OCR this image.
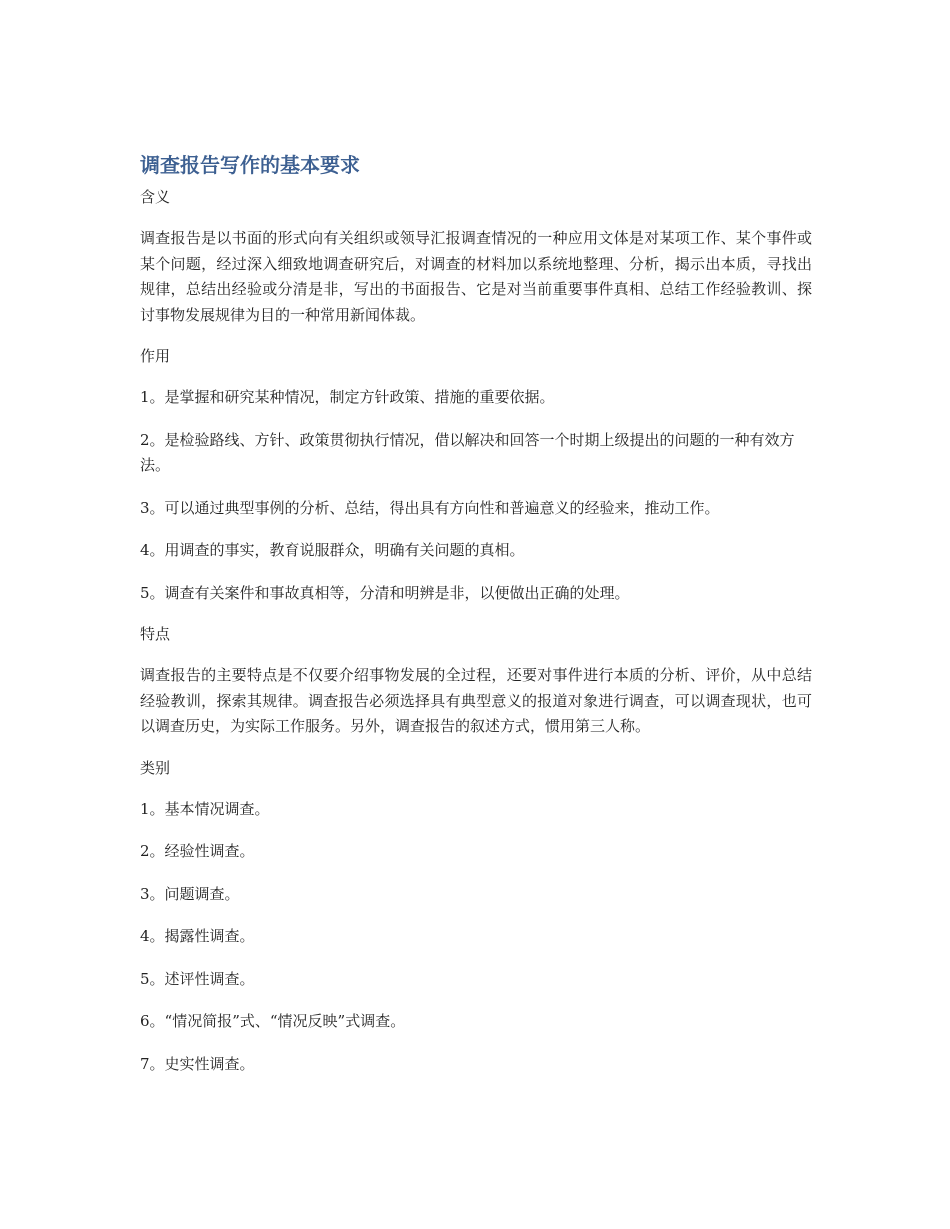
调查报告写作的基本要求

含义

调查报告是以书面的形式向有关组织或领导汇报调查情况的一种应用文体是对某项工作、某个事件或某个问题，经过深入细致地调查研究后，对调查的材料加以系统地整理、分析，揭示出本质，寻找出规律，总结出经验或分清是非，写出的书面报告、它是对当前重要事件真相、总结工作经验教训、探讨事物发展规律为目的一种常用新闻体裁。

作用

1。是掌握和研究某种情况，制定方针政策、措施的重要依据。

2。是检验路线、方针、政策贯彻执行情况，借以解决和回答一个时期上级提出的问题的一种有效方法。

3。可以通过典型事例的分析、总结，得出具有方向性和普遍意义的经验来，推动工作。

4。用调查的事实，教育说服群众，明确有关问题的真相。

5。调查有关案件和事故真相等，分清和明辨是非，以便做出正确的处理。

特点

调查报告的主要特点是不仅要介绍事物发展的全过程，还要对事件进行本质的分析、评价，从中总结经验教训，探索其规律。调查报告必须选择具有典型意义的报道对象进行调查，可以调查现状，也可以调查历史，为实际工作服务。另外，调查报告的叙述方式，惯用第三人称。

类别

1。基本情况调查。

2。经验性调查。

3。问题调查。

4。揭露性调查。

5。述评性调查。

6。“情况简报”式、“情况反映”式调查。

7。史实性调查。
